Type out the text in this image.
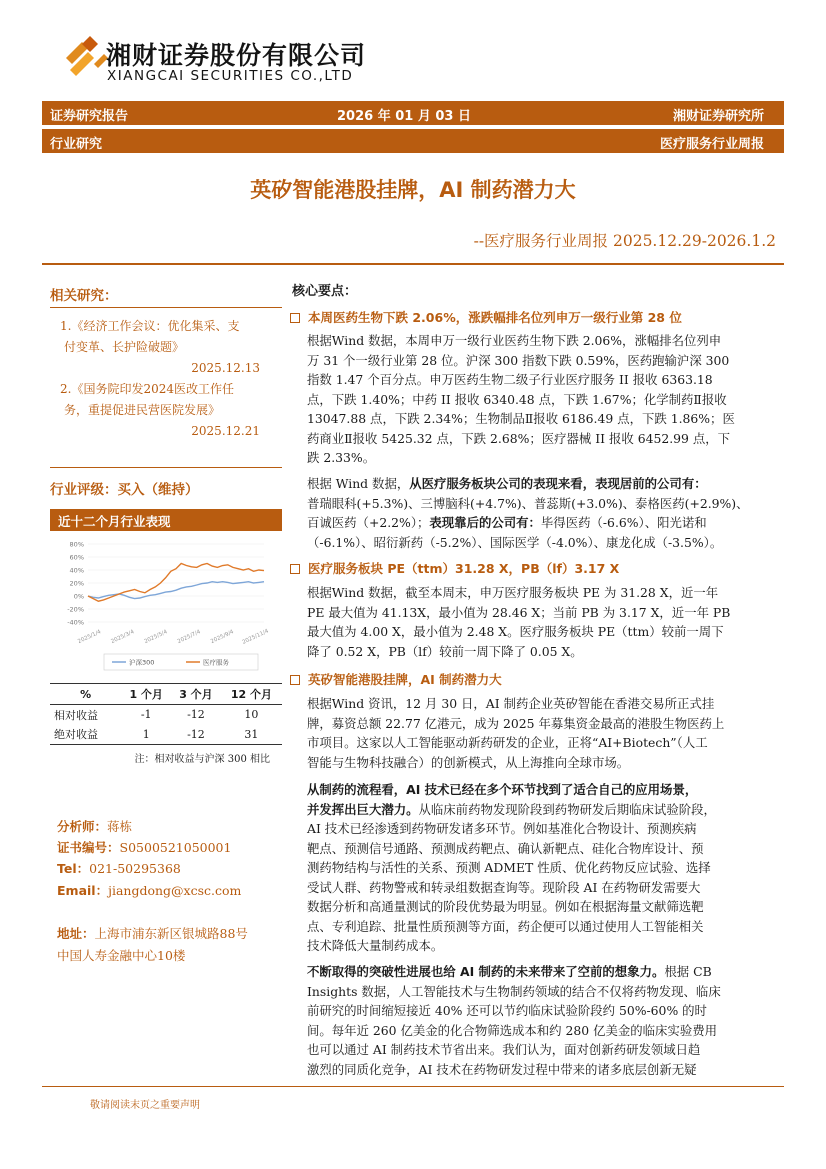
湘财证券股份有限公司
XIANGCAI SECURITIES CO.,LTD
证券研究报告	2026 年 01 月 03 日	湘财证券研究所
行业研究	医疗服务行业周报
英矽智能港股挂牌，AI 制药潜力大
--医疗服务行业周报 2025.12.29-2026.1.2
相关研究：
1.《经济工作会议：优化集采、支
付变革、长护险破题》
2025.12.13
2.《国务院印发2024医改工作任
务，重提促进民营医院发展》
2025.12.21
行业评级：买入（维持）
近十二个月行业表现
80%
60%
40%
20%
0%
-20%
-40%
2025/1/4 2025/3/4 2025/5/4 2025/7/4 2025/9/4 2025/11/4
沪深300	医疗服务
%	1 个月	3 个月	12 个月
相对收益	-1	-12	10
绝对收益	1	-12	31
注：相对收益与沪深 300 相比
分析师：蒋栋
证书编号：S0500521050001
Tel：021-50295368
Email：jiangdong@xcsc.com
地址：上海市浦东新区银城路88号
中国人寿金融中心10楼
核心要点：
本周医药生物下跌 2.06%，涨跌幅排名位列申万一级行业第 28 位
根据Wind 数据，本周申万一级行业医药生物下跌 2.06%，涨幅排名位列申
万 31 个一级行业第 28 位。沪深 300 指数下跌 0.59%，医药跑输沪深 300
指数 1.47 个百分点。申万医药生物二级子行业医疗服务 II 报收 6363.18
点，下跌 1.40%；中药 II 报收 6340.48 点，下跌 1.67%；化学制药Ⅱ报收
13047.88 点，下跌 2.34%；生物制品Ⅱ报收 6186.49 点，下跌 1.86%；医
药商业Ⅱ报收 5425.32 点，下跌 2.68%；医疗器械 II 报收 6452.99 点，下
跌 2.33%。
根据 Wind 数据，从医疗服务板块公司的表现来看，表现居前的公司有：
普瑞眼科(+5.3%)、三博脑科(+4.7%)、普蕊斯(+3.0%)、泰格医药(+2.9%)、
百诚医药（+2.2%）；表现靠后的公司有：毕得医药（-6.6%）、阳光诺和
（-6.1%）、昭衍新药（-5.2%）、国际医学（-4.0%）、康龙化成（-3.5%）。
医疗服务板块 PE（ttm）31.28 X，PB（lf）3.17 X
根据Wind 数据，截至本周末，申万医疗服务板块 PE 为 31.28 X，近一年
PE 最大值为 41.13X，最小值为 28.46 X；当前 PB 为 3.17 X，近一年 PB
最大值为 4.00 X，最小值为 2.48 X。医疗服务板块 PE（ttm）较前一周下
降了 0.52 X，PB（lf）较前一周下降了 0.05 X。
英矽智能港股挂牌，AI 制药潜力大
根据Wind 资讯，12 月 30 日，AI 制药企业英矽智能在香港交易所正式挂
牌，募资总额 22.77 亿港元，成为 2025 年募集资金最高的港股生物医药上
市项目。这家以人工智能驱动新药研发的企业，正将“AI+Biotech”（人工
智能与生物科技融合）的创新模式，从上海推向全球市场。
从制药的流程看，AI 技术已经在多个环节找到了适合自己的应用场景，
并发挥出巨大潜力。从临床前药物发现阶段到药物研发后期临床试验阶段，
AI 技术已经渗透到药物研发诸多环节。例如基准化合物设计、预测疾病
靶点、预测信号通路、预测成药靶点、确认新靶点、硅化合物库设计、预
测药物结构与活性的关系、预测 ADMET 性质、优化药物反应试验、选择
受试人群、药物警戒和转录组数据查询等。现阶段 AI 在药物研发需要大
数据分析和高通量测试的阶段优势最为明显。例如在根据海量文献筛选靶
点、专利追踪、批量性质预测等方面，药企便可以通过使用人工智能相关
技术降低大量制药成本。
不断取得的突破性进展也给 AI 制药的未来带来了空前的想象力。根据 CB
Insights 数据，人工智能技术与生物制药领域的结合不仅将药物发现、临床
前研究的时间缩短接近 40% 还可以节约临床试验阶段约 50%-60% 的时
间。每年近 260 亿美金的化合物筛选成本和约 280 亿美金的临床实验费用
也可以通过 AI 制药技术节省出来。我们认为，面对创新药研发领域日趋
激烈的同质化竞争，AI 技术在药物研发过程中带来的诸多底层创新无疑
敬请阅读末页之重要声明
